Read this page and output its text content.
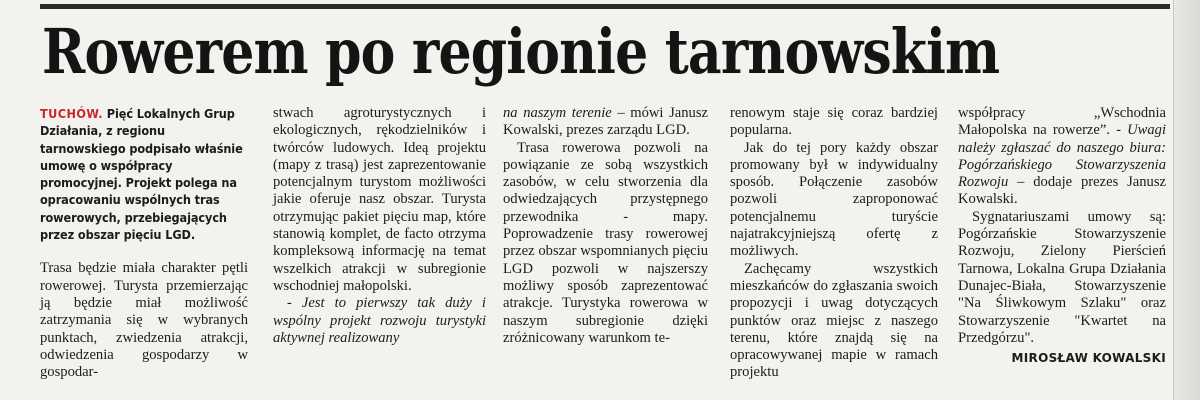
Rowerem po regionie tarnowskim

TUCHÓW. Pięć Lokalnych Grup Działania, z regionu tarnowskiego podpisało właśnie umowę o współpracy promocyjnej. Projekt polega na opracowaniu wspólnych tras rowerowych, przebiegających przez obszar pięciu LGD.

Trasa będzie miała charakter pętli rowerowej. Turysta przemierzając ją będzie miał możliwość zatrzymania się w wybranych punktach, zwiedzenia atrakcji, odwiedzenia gospodarzy w gospodar-

stwach agroturystycznych i ekologicznych, rękodzielników i twórców ludowych. Ideą projektu (mapy z trasą) jest zaprezentowanie potencjalnym turystom możliwości jakie oferuje nasz obszar. Turysta otrzymując pakiet pięciu map, które stanowią komplet, de facto otrzyma kompleksową informację na temat wszelkich atrakcji w subregionie wschodniej małopolski.

- Jest to pierwszy tak duży i wspólny projekt rozwoju turystyki aktywnej realizowany

na naszym terenie – mówi Janusz Kowalski, prezes zarządu LGD.

Trasa rowerowa pozwoli na powiązanie ze sobą wszystkich zasobów, w celu stworzenia dla odwiedzających przystępnego przewodnika - mapy. Poprowadzenie trasy rowerowej przez obszar wspomnianych pięciu LGD pozwoli w najszerszy możliwy sposób zaprezentować atrakcje. Turystyka rowerowa w naszym subregionie dzięki zróżnicowany warunkom te-

renowym staje się coraz bardziej popularna.

Jak do tej pory każdy obszar promowany był w indywidualny sposób. Połączenie zasobów pozwoli zaproponować potencjalnemu turyście najatrakcyjniejszą ofertę z możliwych.

Zachęcamy wszystkich mieszkańców do zgłaszania swoich propozycji i uwag dotyczących punktów oraz miejsc z naszego terenu, które znajdą się na opracowywanej mapie w ramach projektu

współpracy „Wschodnia Małopolska na rowerze”. - Uwagi należy zgłaszać do naszego biura: Pogórzańskiego Stowarzyszenia Rozwoju – dodaje prezes Janusz Kowalski.

Sygnatariuszami umowy są: Pogórzańskie Stowarzyszenie Rozwoju, Zielony Pierścień Tarnowa, Lokalna Grupa Działania Dunajec-Biała, Stowarzyszenie "Na Śliwkowym Szlaku" oraz Stowarzyszenie "Kwartet na Przedgórzu".

MIROSŁAW KOWALSKI
